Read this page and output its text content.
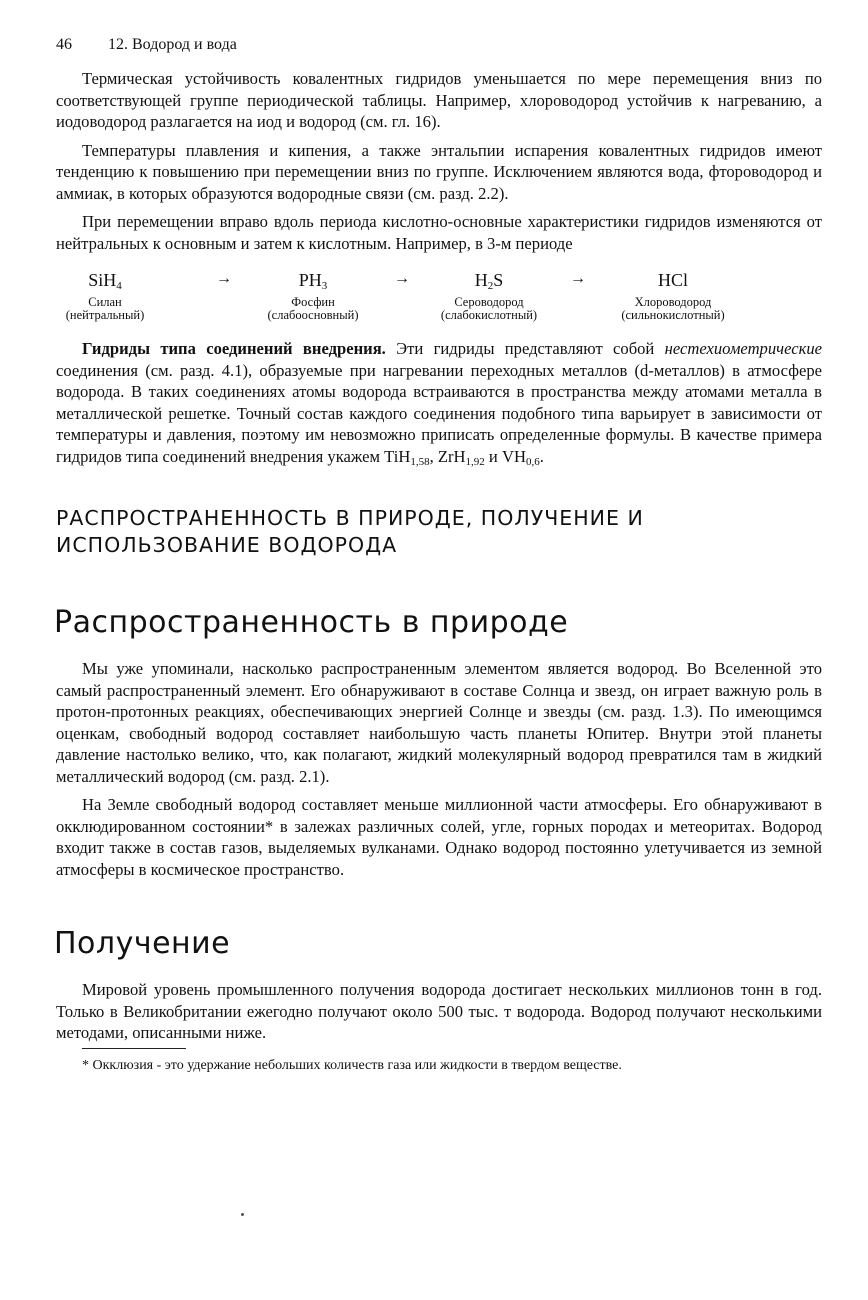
46 12. Водород и вода

Термическая устойчивость ковалентных гидридов уменьшается по мере перемещения вниз по соответствующей группе периодической таблицы. Например, хлороводород устойчив к нагреванию, а иодоводород разлагается на иод и водород (см. гл. 16).

Температуры плавления и кипения, а также энтальпии испарения ковалентных гидридов имеют тенденцию к повышению при перемещении вниз по группе. Исключением являются вода, фтороводород и аммиак, в которых образуются водородные связи (см. разд. 2.2).

При перемещении вправо вдоль периода кислотно-основные характеристики гидридов изменяются от нейтральных к основным и затем к кислотным. Например, в 3-м периоде

SiH$_4$
Силан
(нейтральный)
→	$PH_3$
Фосфин
(слабоосновный)
→	$H_2S$
Сероводород
(слабокислотный)
→	HCl
Хлороводород
(сильнокислотный)

Гидриды типа соединений внедрения. Эти гидриды представляют собой нестехиометрические соединения (см. разд. 4.1), образуемые при нагревании переходных металлов (d-металлов) в атмосфере водорода. В таких соединениях атомы водорода встраиваются в пространства между атомами металла в металлической решетке. Точный состав каждого соединения подобного типа варьирует в зависимости от температуры и давления, поэтому им невозможно приписать определенные формулы. В качестве примера гидридов типа соединений внедрения укажем TiH$_{1,58}$, ZrH$_{1,92}$ и $VH_{0,6}$.

РАСПРОСТРАНЕННОСТЬ В ПРИРОДЕ, ПОЛУЧЕНИЕ И
ИСПОЛЬЗОВАНИЕ ВОДОРОДА
Распространенность в природе

Мы уже упоминали, насколько распространенным элементом является водород. Во Вселенной это самый распространенный элемент. Его обнаруживают в составе Солнца и звезд, он играет важную роль в протон-протонных реакциях, обеспечивающих энергией Солнце и звезды (см. разд. 1.3). По имеющимся оценкам, свободный водород составляет наибольшую часть планеты Юпитер. Внутри этой планеты давление настолько велико, что, как полагают, жидкий молекулярный водород превратился там в жидкий металлический водород (см. разд. 2.1).

На Земле свободный водород составляет меньше миллионной части атмосферы. Его обнаруживают в окклюдированном состоянии* в залежах различных солей, угле, горных породах и метеоритах. Водород входит также в состав газов, выделяемых вулканами. Однако водород постоянно улетучивается из земной атмосферы в космическое пространство.

Получение

Мировой уровень промышленного получения водорода достигает нескольких миллионов тонн в год. Только в Великобритании ежегодно получают около 500 тыс. т водорода. Водород получают несколькими методами, описанными ниже.

* Окклюзия - это удержание небольших количеств газа или жидкости в твердом веществе.
